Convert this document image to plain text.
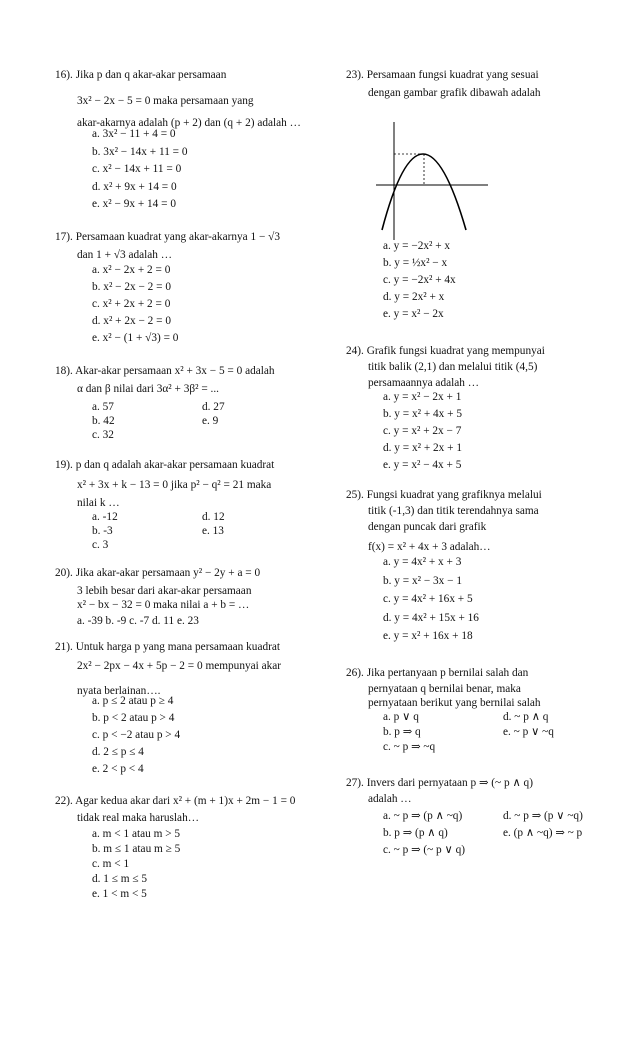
16). Jika p dan q akar-akar persamaan
3x² − 2x − 5 = 0 maka persamaan yang
akar-akarnya adalah (p + 2) dan (q + 2) adalah …
a. 3x² − 11 + 4 = 0
b. 3x² − 14x + 11 = 0
c. x² − 14x + 11 = 0
d. x² + 9x + 14 = 0
e. x² − 9x + 14 = 0
17). Persamaan kuadrat yang akar-akarnya 1 − √3
dan 1 + √3 adalah …
a. x² − 2x + 2 = 0
b. x² − 2x − 2 = 0
c. x² + 2x + 2 = 0
d. x² + 2x − 2 = 0
e. x² − (1 + √3) = 0
18). Akar-akar persamaan x² + 3x − 5 = 0 adalah
α dan β nilai dari 3α² + 3β² = ...
a. 57	d. 27
b. 42	e. 9
c. 32
19). p dan q adalah akar-akar persamaan kuadrat
x² + 3x + k − 13 = 0 jika p² − q² = 21 maka
nilai k …
a. -12	d. 12
b. -3	e. 13
c. 3
20). Jika akar-akar persamaan y² − 2y + a = 0
3 lebih besar dari akar-akar persamaan
x² − bx − 32 = 0 maka nilai a + b = …
a. -39 b. -9 c. -7 d. 11 e. 23
21). Untuk harga p yang mana persamaan kuadrat
2x² − 2px − 4x + 5p − 2 = 0 mempunyai akar
nyata berlainan….
a. p ≤ 2 atau p ≥ 4
b. p < 2 atau p > 4
c. p < −2 atau p > 4
d. 2 ≤ p ≤ 4
e. 2 < p < 4
22). Agar kedua akar dari x² + (m + 1)x + 2m − 1 = 0
tidak real maka haruslah…
a. m < 1 atau m > 5
b. m ≤ 1 atau m ≥ 5
c. m < 1
d. 1 ≤ m ≤ 5
e. 1 < m < 5
23). Persamaan fungsi kuadrat yang sesuai
dengan gambar grafik dibawah adalah
a. y = −2x² + x
b. y = ½x² − x
c. y = −2x² + 4x
d. y = 2x² + x
e. y = x² − 2x
24). Grafik fungsi kuadrat yang mempunyai
titik balik (2,1) dan melalui titik (4,5)
persamaannya adalah …
a. y = x² − 2x + 1
b. y = x² + 4x + 5
c. y = x² + 2x − 7
d. y = x² + 2x + 1
e. y = x² − 4x + 5
25). Fungsi kuadrat yang grafiknya melalui
titik (-1,3) dan titik terendahnya sama
dengan puncak dari grafik
f(x) = x² + 4x + 3 adalah…
a. y = 4x² + x + 3
b. y = x² − 3x − 1
c. y = 4x² + 16x + 5
d. y = 4x² + 15x + 16
e. y = x² + 16x + 18
26). Jika pertanyaan p bernilai salah dan
pernyataan q bernilai benar, maka
pernyataan berikut yang bernilai salah
a. p ∨ q	d. ~ p ∧ q
b. p ⇒ q	e. ~ p ∨ ~q
c. ~ p ⇒ ~q
27). Invers dari pernyataan p ⇒ (~ p ∧ q)
adalah …
a. ~ p ⇒ (p ∧ ~q)	d. ~ p ⇒ (p ∨ ~q)
b. p ⇒ (p ∧ q)	e. (p ∧ ~q) ⇒ ~ p
c. ~ p ⇒ (~ p ∨ q)
